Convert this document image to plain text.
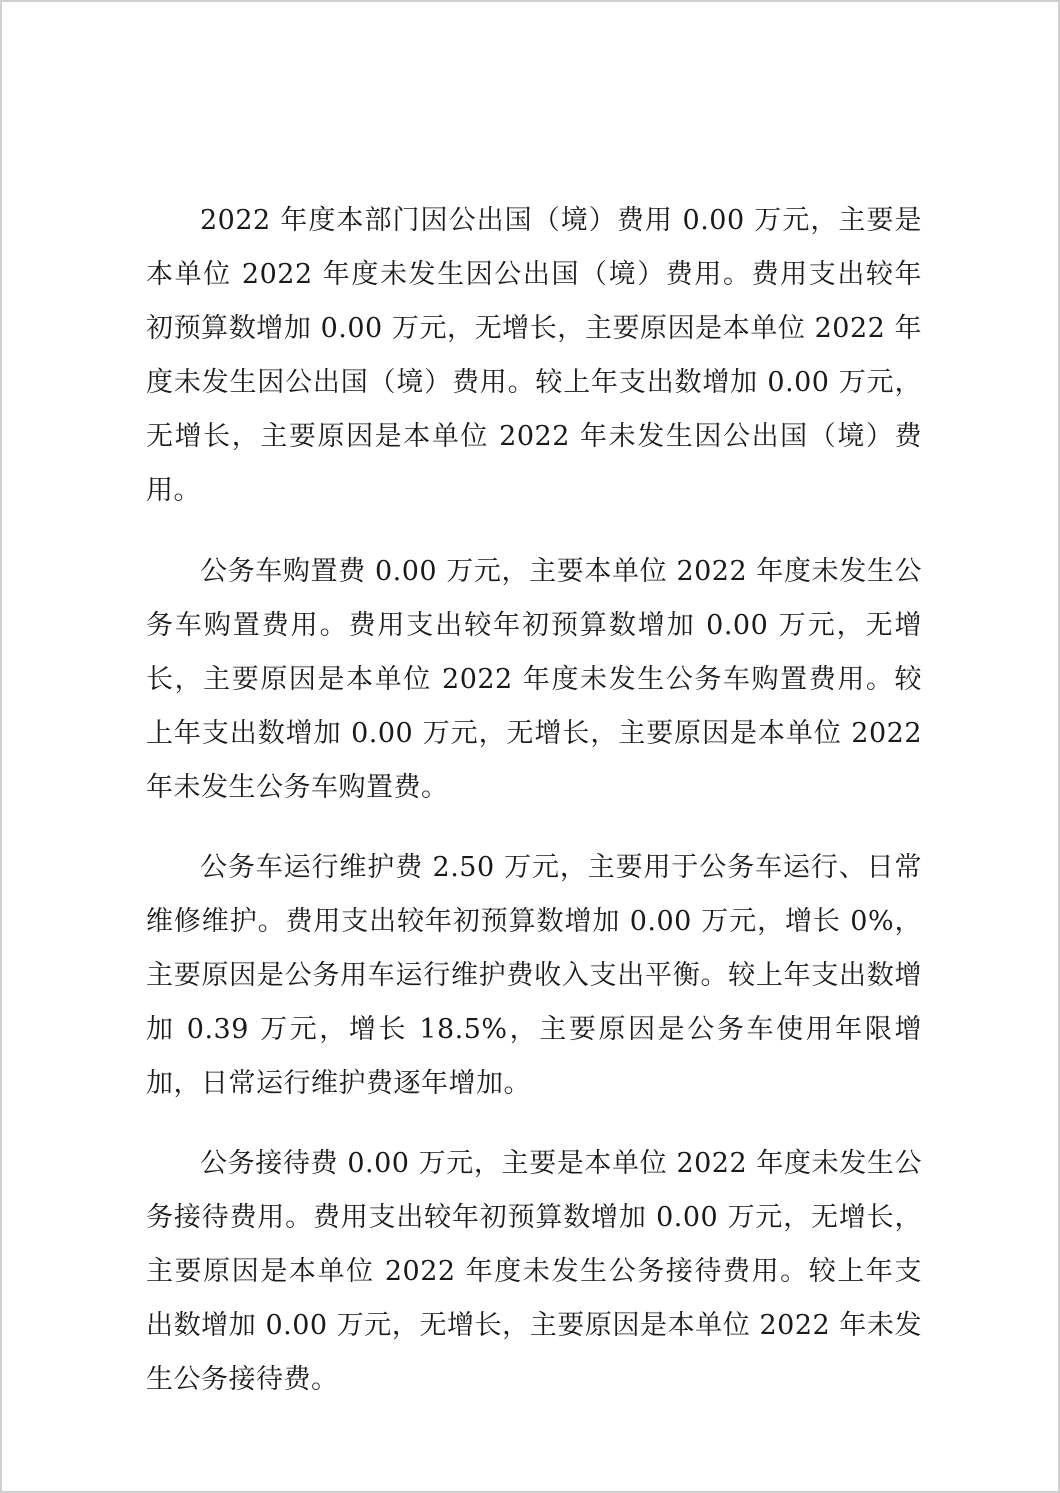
2022 年度本部门因公出国（境）费用 0.00 万元，主要是本单位 2022 年度未发生因公出国（境）费用。费用支出较年初预算数增加 0.00 万元，无增长，主要原因是本单位 2022 年度未发生因公出国（境）费用。较上年支出数增加 0.00 万元，无增长，主要原因是本单位 2022 年未发生因公出国（境）费用。

公务车购置费 0.00 万元，主要本单位 2022 年度未发生公务车购置费用。费用支出较年初预算数增加 0.00 万元，无增长，主要原因是本单位 2022 年度未发生公务车购置费用。较上年支出数增加 0.00 万元，无增长，主要原因是本单位 2022 年未发生公务车购置费。

公务车运行维护费 2.50 万元，主要用于公务车运行、日常维修维护。费用支出较年初预算数增加 0.00 万元，增长 0%，主要原因是公务用车运行维护费收入支出平衡。较上年支出数增加 0.39 万元，增长 18.5%，主要原因是公务车使用年限增加，日常运行维护费逐年增加。

公务接待费 0.00 万元，主要是本单位 2022 年度未发生公务接待费用。费用支出较年初预算数增加 0.00 万元，无增长，主要原因是本单位 2022 年度未发生公务接待费用。较上年支出数增加 0.00 万元，无增长，主要原因是本单位 2022 年未发生公务接待费。
